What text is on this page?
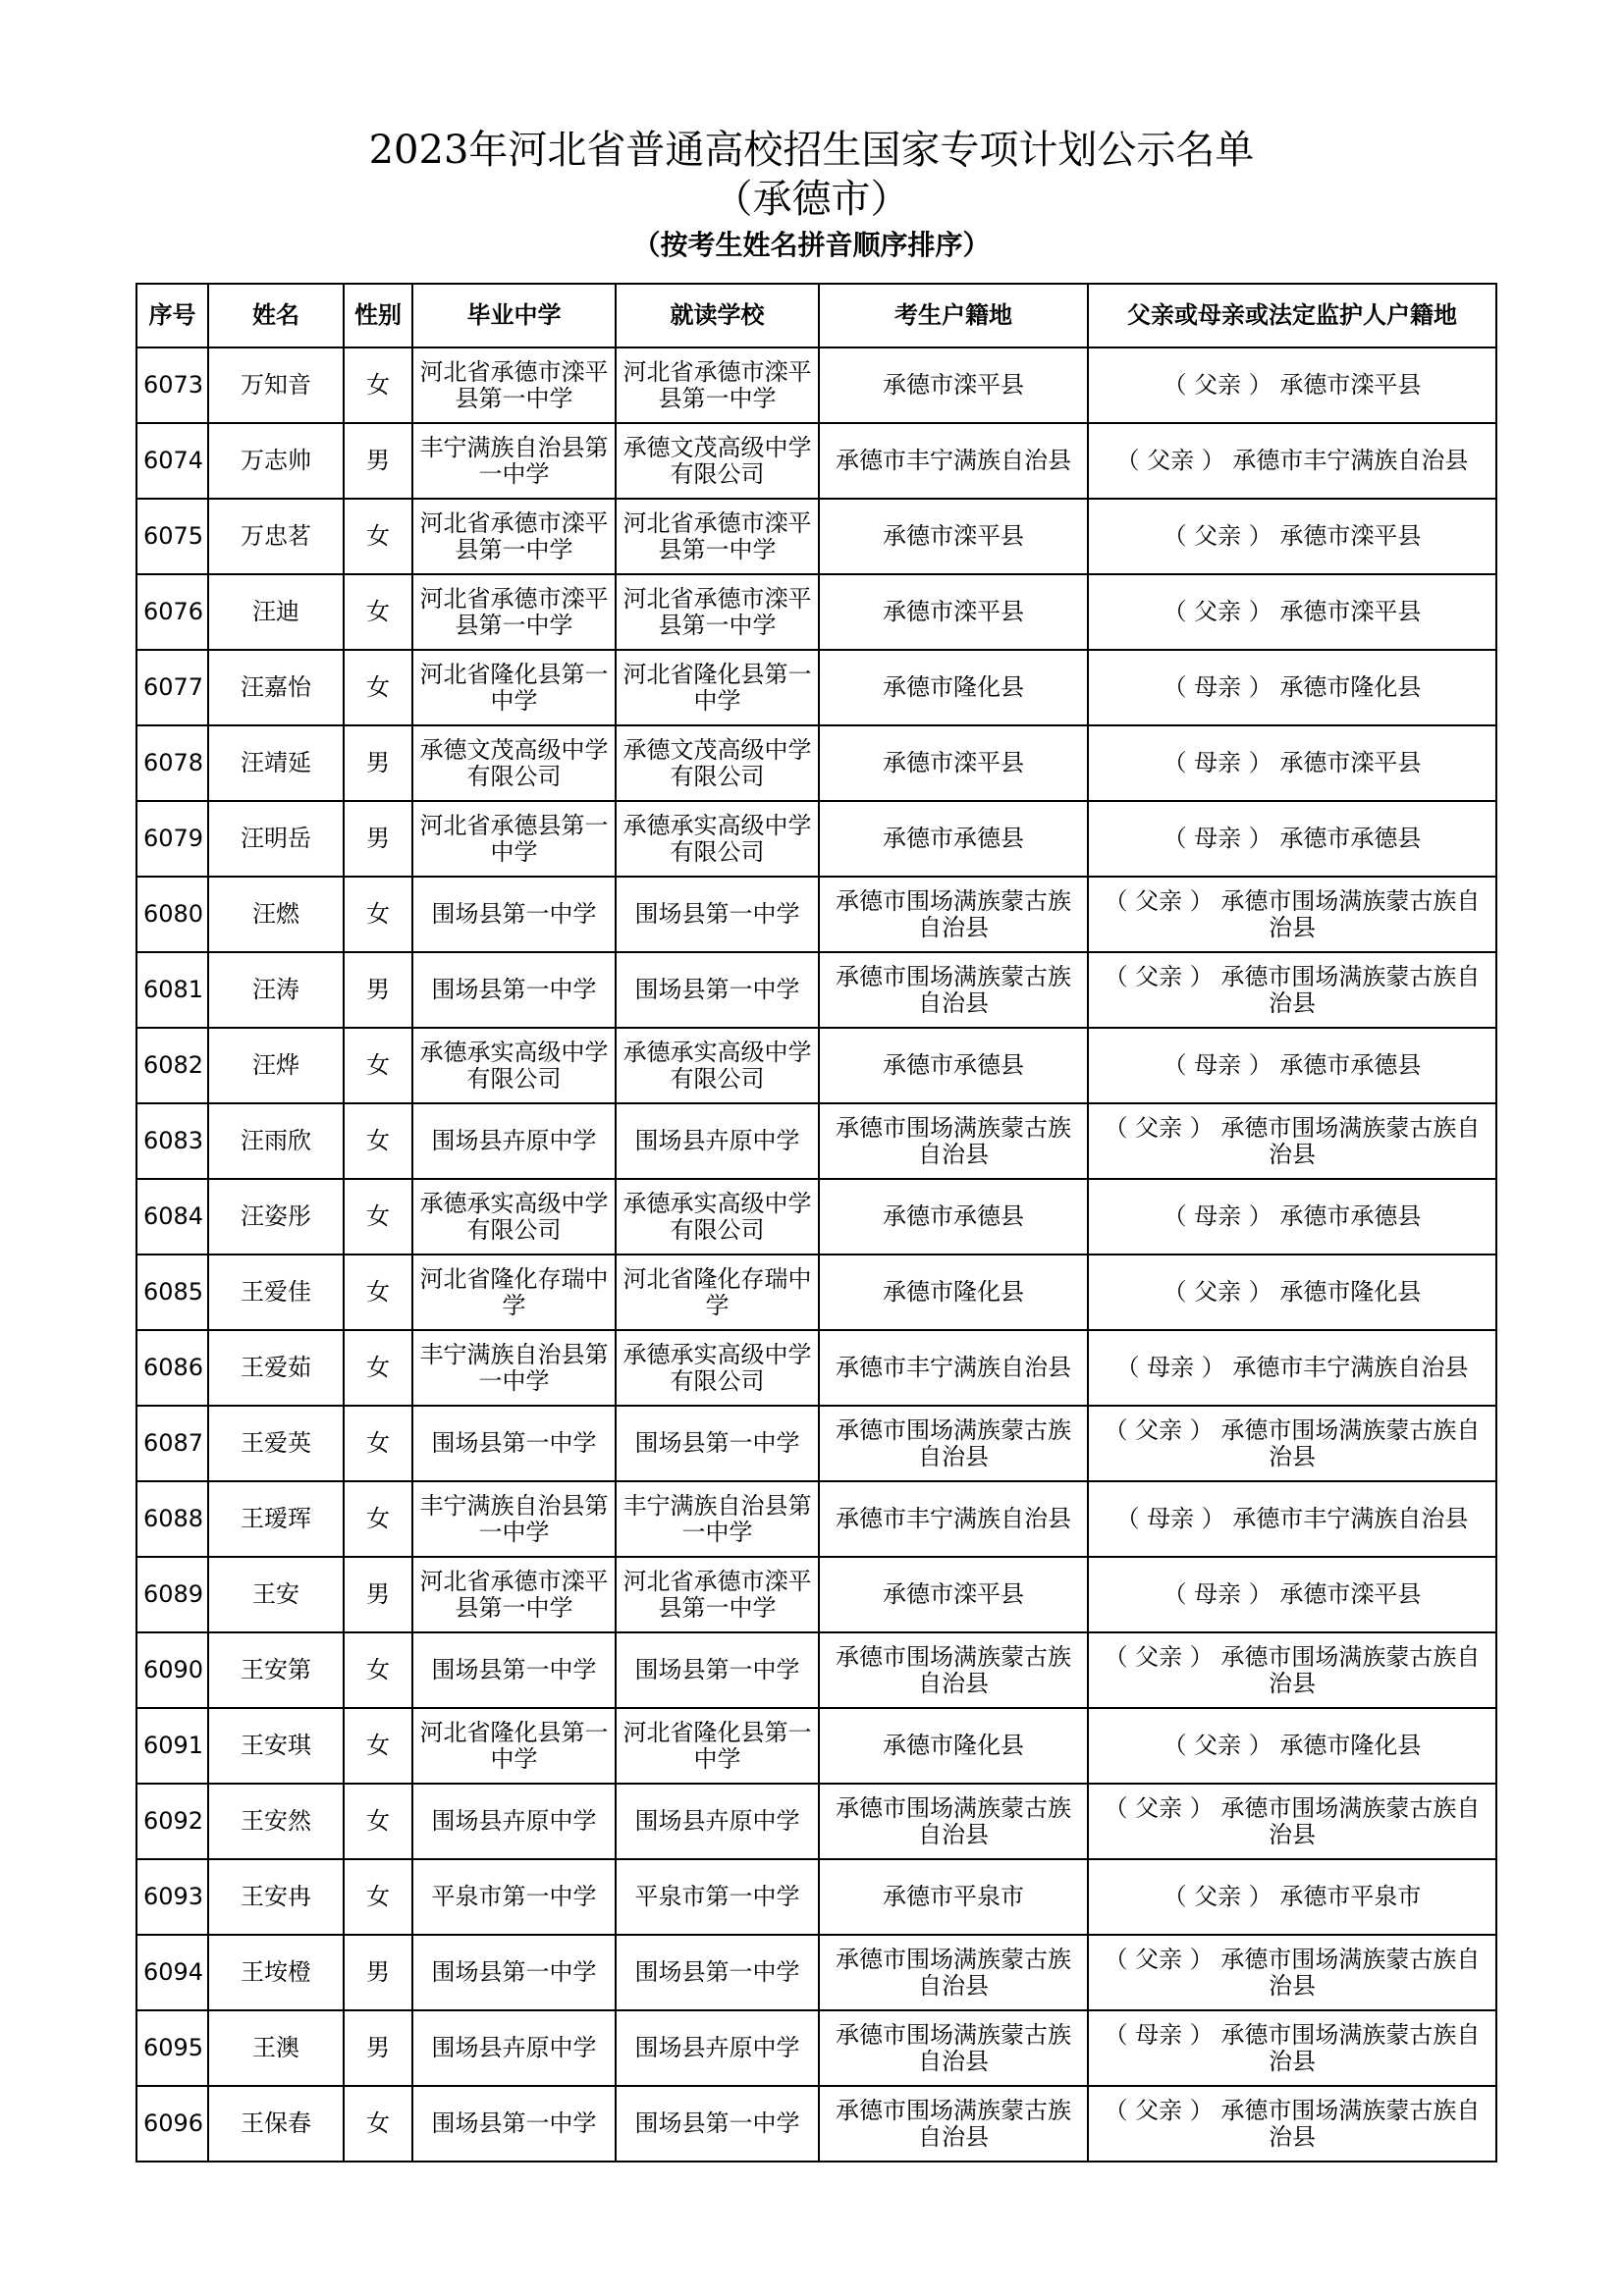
2023年河北省普通高校招生国家专项计划公示名单
（承德市）
（按考生姓名拼音顺序排序）
序号	姓名	性别	毕业中学	就读学校	考生户籍地	父亲或母亲或法定监护人户籍地
6073	万知音	女	河北省承德市滦平县第一中学	河北省承德市滦平县第一中学	承德市滦平县	（ 父亲 ） 承德市滦平县
6074	万志帅	男	丰宁满族自治县第一中学	承德文茂高级中学有限公司	承德市丰宁满族自治县	（ 父亲 ） 承德市丰宁满族自治县
6075	万忠茗	女	河北省承德市滦平县第一中学	河北省承德市滦平县第一中学	承德市滦平县	（ 父亲 ） 承德市滦平县
6076	汪迪	女	河北省承德市滦平县第一中学	河北省承德市滦平县第一中学	承德市滦平县	（ 父亲 ） 承德市滦平县
6077	汪嘉怡	女	河北省隆化县第一中学	河北省隆化县第一中学	承德市隆化县	（ 母亲 ） 承德市隆化县
6078	汪靖延	男	承德文茂高级中学有限公司	承德文茂高级中学有限公司	承德市滦平县	（ 母亲 ） 承德市滦平县
6079	汪明岳	男	河北省承德县第一中学	承德承实高级中学有限公司	承德市承德县	（ 母亲 ） 承德市承德县
6080	汪燃	女	围场县第一中学	围场县第一中学	承德市围场满族蒙古族自治县	（ 父亲 ） 承德市围场满族蒙古族自治县
6081	汪涛	男	围场县第一中学	围场县第一中学	承德市围场满族蒙古族自治县	（ 父亲 ） 承德市围场满族蒙古族自治县
6082	汪烨	女	承德承实高级中学有限公司	承德承实高级中学有限公司	承德市承德县	（ 母亲 ） 承德市承德县
6083	汪雨欣	女	围场县卉原中学	围场县卉原中学	承德市围场满族蒙古族自治县	（ 父亲 ） 承德市围场满族蒙古族自治县
6084	汪姿彤	女	承德承实高级中学有限公司	承德承实高级中学有限公司	承德市承德县	（ 母亲 ） 承德市承德县
6085	王爱佳	女	河北省隆化存瑞中学	河北省隆化存瑞中学	承德市隆化县	（ 父亲 ） 承德市隆化县
6086	王爱茹	女	丰宁满族自治县第一中学	承德承实高级中学有限公司	承德市丰宁满族自治县	（ 母亲 ） 承德市丰宁满族自治县
6087	王爱英	女	围场县第一中学	围场县第一中学	承德市围场满族蒙古族自治县	（ 父亲 ） 承德市围场满族蒙古族自治县
6088	王瑷珲	女	丰宁满族自治县第一中学	丰宁满族自治县第一中学	承德市丰宁满族自治县	（ 母亲 ） 承德市丰宁满族自治县
6089	王安	男	河北省承德市滦平县第一中学	河北省承德市滦平县第一中学	承德市滦平县	（ 母亲 ） 承德市滦平县
6090	王安第	女	围场县第一中学	围场县第一中学	承德市围场满族蒙古族自治县	（ 父亲 ） 承德市围场满族蒙古族自治县
6091	王安琪	女	河北省隆化县第一中学	河北省隆化县第一中学	承德市隆化县	（ 父亲 ） 承德市隆化县
6092	王安然	女	围场县卉原中学	围场县卉原中学	承德市围场满族蒙古族自治县	（ 父亲 ） 承德市围场满族蒙古族自治县
6093	王安冉	女	平泉市第一中学	平泉市第一中学	承德市平泉市	（ 父亲 ） 承德市平泉市
6094	王垵橙	男	围场县第一中学	围场县第一中学	承德市围场满族蒙古族自治县	（ 父亲 ） 承德市围场满族蒙古族自治县
6095	王澳	男	围场县卉原中学	围场县卉原中学	承德市围场满族蒙古族自治县	（ 母亲 ） 承德市围场满族蒙古族自治县
6096	王保春	女	围场县第一中学	围场县第一中学	承德市围场满族蒙古族自治县	（ 父亲 ） 承德市围场满族蒙古族自治县
